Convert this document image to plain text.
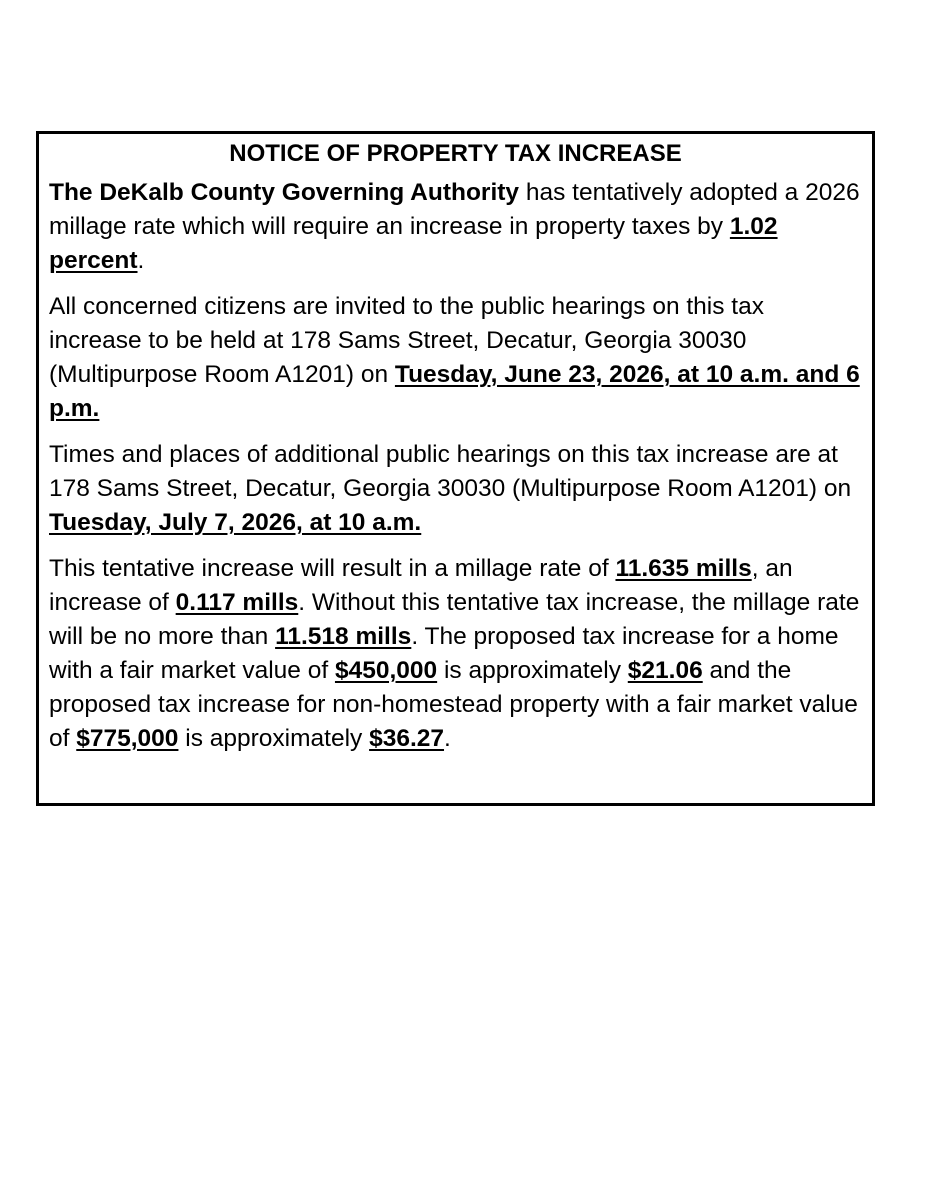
NOTICE OF PROPERTY TAX INCREASE

The DeKalb County Governing Authority has tentatively adopted a 2026 millage rate which will require an increase in property taxes by 1.02 percent.

All concerned citizens are invited to the public hearings on this tax increase to be held at 178 Sams Street, Decatur, Georgia 30030 (Multipurpose Room A1201) on Tuesday, June 23, 2026, at 10 a.m. and 6 p.m.

Times and places of additional public hearings on this tax increase are at 178 Sams Street, Decatur, Georgia 30030 (Multipurpose Room A1201) on Tuesday, July 7, 2026, at 10 a.m.

This tentative increase will result in a millage rate of 11.635 mills, an increase of 0.117 mills. Without this tentative tax increase, the millage rate will be no more than 11.518 mills. The proposed tax increase for a home with a fair market value of $450,000 is approximately $21.06 and the proposed tax increase for non-homestead property with a fair market value of $775,000 is approximately $36.27.
